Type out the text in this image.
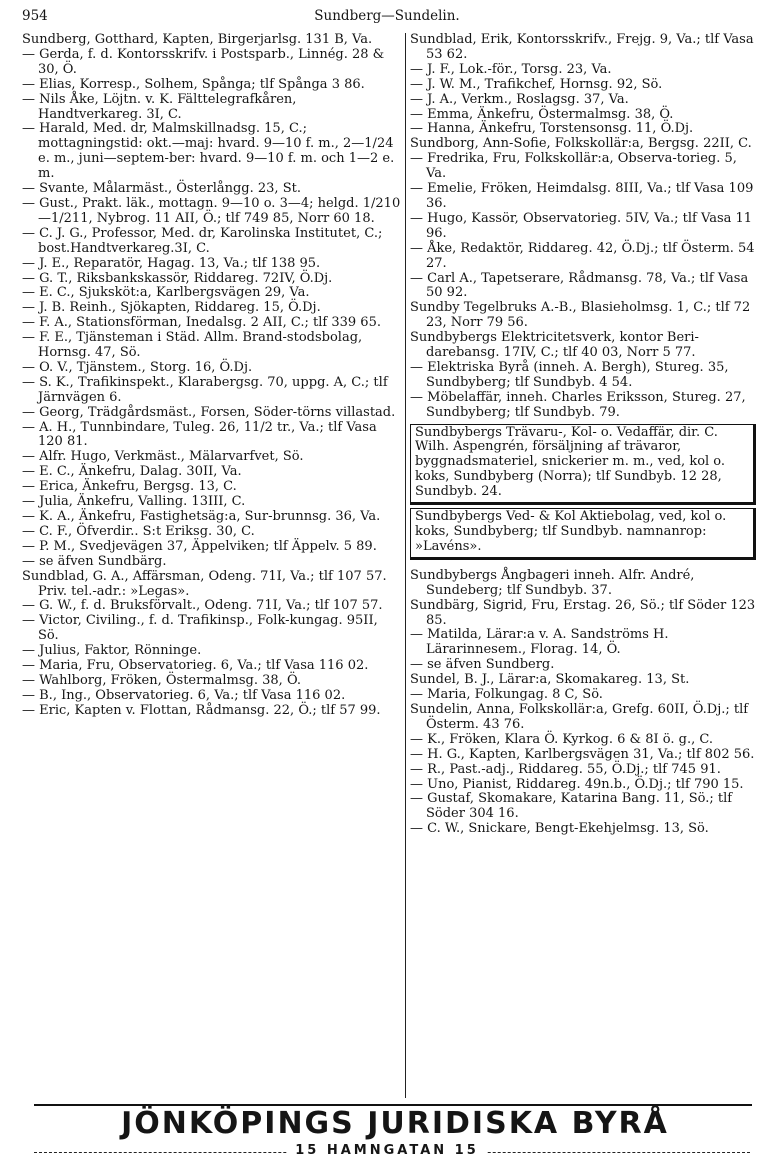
954	Sundberg—Sundelin.
Sundberg, Gotthard, Kapten, Birgerjarlsg. 131 B, Va.
— Gerda, f. d. Kontorsskrifv. i Postsparb., Linnég. 28 & 30, Ö.
— Elias, Korresp., Solhem, Spånga; tlf Spånga 3 86.
— Nils Åke, Löjtn. v. K. Fälttelegrafkåren, Handtverkareg. 3I, C.
— Harald, Med. dr, Malmskillnadsg. 15, C.; mottagningstid: okt.—maj: hvard. 9—10 f. m., 2—1/24 e. m., juni—septem-ber: hvard. 9—10 f. m. och 1—2 e. m.
— Svante, Målarmäst., Österlångg. 23, St.
— Gust., Prakt. läk., mottagn. 9—10 o. 3—4; helgd. 1/210—1/211, Nybrog. 11 AII, Ö.; tlf 749 85, Norr 60 18.
— C. J. G., Professor, Med. dr, Karolinska Institutet, C.; bost.Handtverkareg.3I, C.
— J. E., Reparatör, Hagag. 13, Va.; tlf 138 95.
— G. T., Riksbankskassör, Riddareg. 72IV, Ö.Dj.
— E. C., Sjuksköt:a, Karlbergsvägen 29, Va.
— J. B. Reinh., Sjökapten, Riddareg. 15, Ö.Dj.
— F. A., Stationsförman, Inedalsg. 2 AII, C.; tlf 339 65.
— F. E., Tjänsteman i Städ. Allm. Brand-stodsbolag, Hornsg. 47, Sö.
— O. V., Tjänstem., Storg. 16, Ö.Dj.
— S. K., Trafikinspekt., Klarabergsg. 70, uppg. A, C.; tlf Järnvägen 6.
— Georg, Trädgårdsmäst., Forsen, Söder-törns villastad.
— A. H., Tunnbindare, Tuleg. 26, 11/2 tr., Va.; tlf Vasa 120 81.
— Alfr. Hugo, Verkmäst., Mälarvarfvet, Sö.
— E. C., Änkefru, Dalag. 30II, Va.
— Erica, Änkefru, Bergsg. 13, C.
— Julia, Änkefru, Valling. 13III, C.
— K. A., Änkefru, Fastighetsäg:a, Sur-brunnsg. 36, Va.
— C. F., Öfverdir.. S:t Eriksg. 30, C.
— P. M., Svedjevägen 37, Äppelviken; tlf Äppelv. 5 89.
— se äfven Sundbärg.
Sundblad, G. A., Affärsman, Odeng. 71I, Va.; tlf 107 57. Priv. tel.-adr.: »Legas».
— G. W., f. d. Bruksförvalt., Odeng. 71I, Va.; tlf 107 57.
— Victor, Civiling., f. d. Trafikinsp., Folk-kungag. 95II, Sö.
— Julius, Faktor, Rönninge.
— Maria, Fru, Observatorieg. 6, Va.; tlf Vasa 116 02.
— Wahlborg, Fröken, Östermalmsg. 38, Ö.
— B., Ing., Observatorieg. 6, Va.; tlf Vasa 116 02.
— Eric, Kapten v. Flottan, Rådmansg. 22, Ö.; tlf 57 99.
Sundblad, Erik, Kontorsskrifv., Frejg. 9, Va.; tlf Vasa 53 62.
— J. F., Lok.-för., Torsg. 23, Va.
— J. W. M., Trafikchef, Hornsg. 92, Sö.
— J. A., Verkm., Roslagsg. 37, Va.
— Emma, Änkefru, Östermalmsg. 38, Ö.
— Hanna, Änkefru, Torstensonsg. 11, Ö.Dj.
Sundborg, Ann-Sofie, Folkskollär:a, Bergsg. 22II, C.
— Fredrika, Fru, Folkskollär:a, Observa-torieg. 5, Va.
— Emelie, Fröken, Heimdalsg. 8III, Va.; tlf Vasa 109 36.
— Hugo, Kassör, Observatorieg. 5IV, Va.; tlf Vasa 11 96.
— Åke, Redaktör, Riddareg. 42, Ö.Dj.; tlf Österm. 54 27.
— Carl A., Tapetserare, Rådmansg. 78, Va.; tlf Vasa 50 92.
Sundby Tegelbruks A.-B., Blasieholmsg. 1, C.; tlf 72 23, Norr 79 56.
Sundbybergs Elektricitetsverk, kontor Beri-darebansg. 17IV, C.; tlf 40 03, Norr 5 77.
— Elektriska Byrå (inneh. A. Bergh), Stureg. 35, Sundbyberg; tlf Sundbyb. 4 54.
— Möbelaffär, inneh. Charles Eriksson, Stureg. 27, Sundbyberg; tlf Sundbyb. 79.
Sundbybergs Trävaru-, Kol- o. Vedaffär, dir. C. Wilh. Aspengrén, försäljning af trävaror, byggnadsmateriel, snickerier m. m., ved, kol o. koks, Sundbyberg (Norra); tlf Sundbyb. 12 28, Sundbyb. 24.
Sundbybergs Ved- & Kol Aktiebolag, ved, kol o. koks, Sundbyberg; tlf Sundbyb. namnanrop: »Lavéns».
Sundbybergs Ångbageri inneh. Alfr. André, Sundeberg; tlf Sundbyb. 37.
Sundbärg, Sigrid, Fru, Erstag. 26, Sö.; tlf Söder 123 85.
— Matilda, Lärar:a v. A. Sandströms H. Lärarinnesem., Florag. 14, Ö.
— se äfven Sundberg.
Sundel, B. J., Lärar:a, Skomakareg. 13, St.
— Maria, Folkungag. 8 C, Sö.
Sundelin, Anna, Folkskollär:a, Grefg. 60II, Ö.Dj.; tlf Österm. 43 76.
— K., Fröken, Klara Ö. Kyrkog. 6 & 8I ö. g., C.
— H. G., Kapten, Karlbergsvägen 31, Va.; tlf 802 56.
— R., Past.-adj., Riddareg. 55, Ö.Dj.; tlf 745 91.
— Uno, Pianist, Riddareg. 49n.b., Ö.Dj.; tlf 790 15.
— Gustaf, Skomakare, Katarina Bang. 11, Sö.; tlf Söder 304 16.
— C. W., Snickare, Bengt-Ekehjelmsg. 13, Sö.
JÖNKÖPINGS JURIDISKA BYRÅ
15 HAMNGATAN 15
